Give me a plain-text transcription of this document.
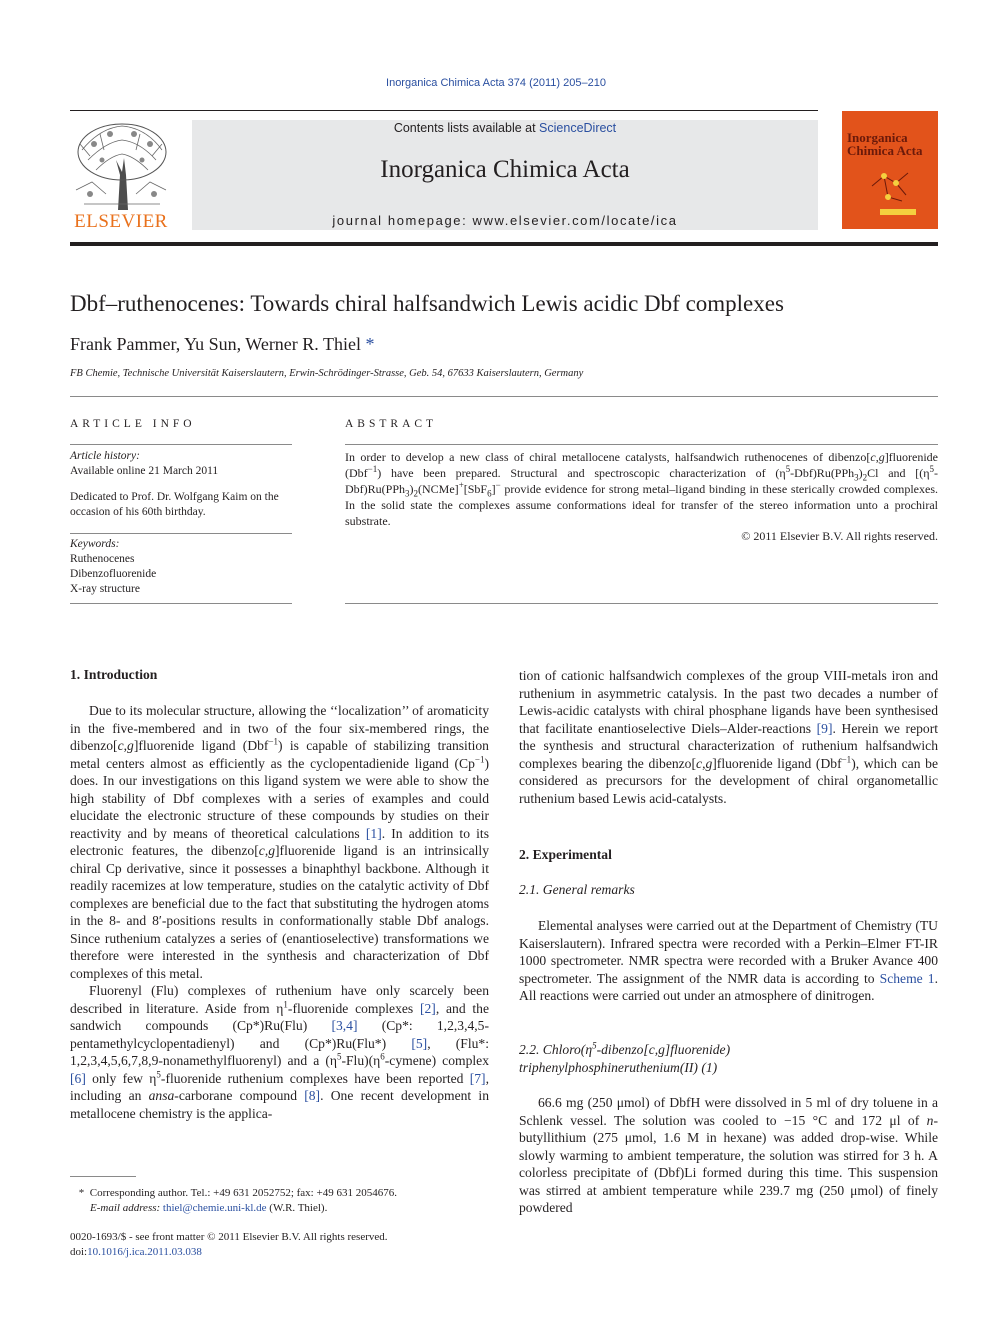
Inorganica Chimica Acta 374 (2011) 205–210
ELSEVIER
Contents lists available at ScienceDirect
Inorganica Chimica Acta
journal homepage: www.elsevier.com/locate/ica
Inorganica
Chimica Acta
Dbf–ruthenocenes: Towards chiral halfsandwich Lewis acidic Dbf complexes
Frank Pammer, Yu Sun, Werner R. Thiel *
FB Chemie, Technische Universität Kaiserslautern, Erwin-Schrödinger-Strasse, Geb. 54, 67633 Kaiserslautern, Germany
ARTICLE INFO
Article history:
Available online 21 March 2011
Dedicated to Prof. Dr. Wolfgang Kaim on the occasion of his 60th birthday.
Keywords:
Ruthenocenes
Dibenzofluorenide
X-ray structure
ABSTRACT
In order to develop a new class of chiral metallocene catalysts, halfsandwich ruthenocenes of dibenzo[c,g]fluorenide (Dbf$^{-1}$) have been prepared. Structural and spectroscopic characterization of $(\eta^5-Dbf)Ru(PPh_3)_2Cl$ and [$(\eta^5-Dbf)Ru(PPh_3)_2(NCMe]^+[SbF_6]^-$ provide evidence for strong metal–ligand binding in these sterically crowded complexes. In the solid state the complexes assume conformations ideal for transfer of the stereo information unto a prochiral substrate.
© 2011 Elsevier B.V. All rights reserved.
1. Introduction

Due to its molecular structure, allowing the ‘‘localization’’ of aromaticity in the five-membered and in two of the four six-membered rings, the dibenzo[c,g]fluorenide ligand (Dbf$^{-1}$) is capable of stabilizing transition metal centers almost as efficiently as the cyclopentadienide ligand $(Cp^{-1})$ does. In our investigations on this ligand system we were able to show the high stability of Dbf complexes with a series of examples and could elucidate the electronic structure of these compounds by studies on their reactivity and by means of theoretical calculations [1]. In addition to its electronic features, the dibenzo[c,g]fluorenide ligand is an intrinsically chiral Cp derivative, since it possesses a binaphthyl backbone. Although it readily racemizes at low temperature, studies on the catalytic activity of Dbf complexes are beneficial due to the fact that substituting the hydrogen atoms in the 8- and 8′-positions results in conformationally stable Dbf analogs. Since ruthenium catalyzes a series of (enantioselective) transformations we therefore were interested in the synthesis and characterization of Dbf complexes of this metal.

Fluorenyl (Flu) complexes of ruthenium have only scarcely been described in literature. Aside from $\eta^1$-fluorenide complexes [2], and the sandwich compounds (Cp*)Ru(Flu) [3,4] (Cp*: 1,2,3,4,5-pentamethylcyclopentadienyl) and (Cp*)Ru(Flu*) [5], (Flu*: 1,2,3,4,5,6,7,8,9-nonamethylfluorenyl) and a $(\eta^5-Flu)(\eta^6-cymene)$ complex [6] only few $\eta^5$-fluorenide ruthenium complexes have been reported [7], including an ansa-carborane compound [8]. One recent development in metallocene chemistry is the applica-

*  Corresponding author. Tel.: +49 631 2052752; fax: +49 631 2054676.
E-mail address: thiel@chemie.uni-kl.de (W.R. Thiel).
0020-1693/$ - see front matter © 2011 Elsevier B.V. All rights reserved.
doi:10.1016/j.ica.2011.03.038

tion of cationic halfsandwich complexes of the group VIII-metals iron and ruthenium in asymmetric catalysis. In the past two decades a number of Lewis-acidic catalysts with chiral phosphane ligands have been synthesised that facilitate enantioselective Diels–Alder-reactions [9]. Herein we report the synthesis and structural characterization of ruthenium halfsandwich complexes bearing the dibenzo[c,g]fluorenide ligand (Dbf$^{-1}$), which can be considered as precursors for the development of chiral organometallic ruthenium based Lewis acid-catalysts.

2. Experimental
2.1. General remarks

Elemental analyses were carried out at the Department of Chemistry (TU Kaiserslautern). Infrared spectra were recorded with a Perkin–Elmer FT-IR 1000 spectrometer. NMR spectra were recorded with a Bruker Avance 400 spectrometer. The assignment of the NMR data is according to Scheme 1. All reactions were carried out under an atmosphere of dinitrogen.

2.2. $Chloro(\eta^5-dibenzo[c,g]fluorenide)$
triphenylphosphineruthenium(II) (1)

66.6 mg (250 μmol) of DbfH were dissolved in 5 ml of dry toluene in a Schlenk vessel. The solution was cooled to −15 °C and 172 μl of n-butyllithium (275 μmol, 1.6 M in hexane) was added drop-wise. While slowly warming to ambient temperature, the solution was stirred for 3 h. A colorless precipitate of (Dbf)Li formed during this time. This suspension was stirred at ambient temperature while 239.7 mg (250 μmol) of finely powdered
